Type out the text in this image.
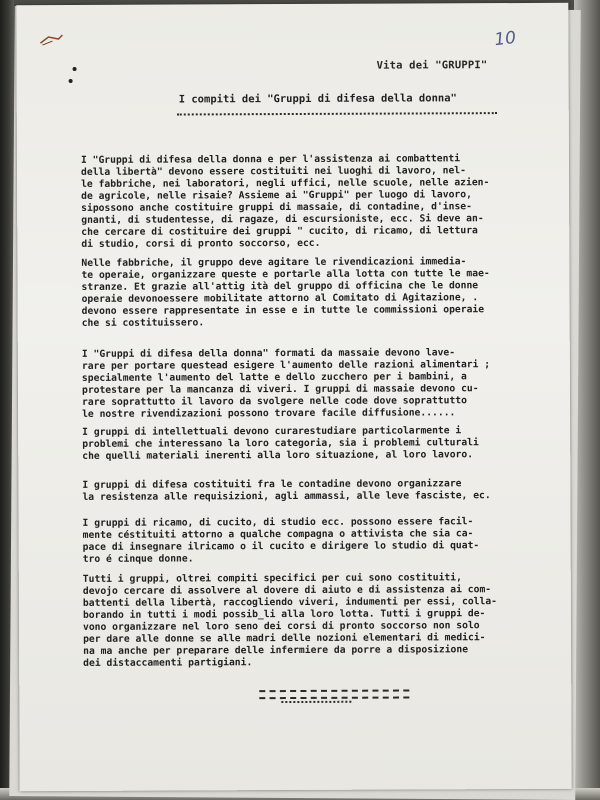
10
Vita dei "GRUPPI"
I compiti dei "Gruppi di difesa della donna"
I "Gruppi di difesa della donna e per l'assistenza ai combattenti
della libertà" devono essere costituiti nei luoghi di lavoro, nel-
le fabbriche, nei laboratori, negli uffici, nelle scuole, nelle azien-
de agricole, nelle risaie? Assieme ai "Gruppi" per luogo di lavoro,
sipossono anche costituire gruppi di massaie, di contadine, d'inse-
gnanti, di studentesse, di ragaze, di escursioniste, ecc. Si deve an-
che cercare di costituire dei gruppi " cucito, di ricamo, di lettura
di studio, corsi di pronto soccorso, ecc.
Nelle fabbriche, il gruppo deve agitare le rivendicazioni immedia-
te operaie, organizzare queste e portarle alla lotta con tutte le mae-
stranze. Et grazie all'attig ità del gruppo di officina che le donne
operaie devonoessere mobilitate attorno al Comitato di Agitazione, .
devono essere rappresentate in esse e in tutte le commissioni operaie
che si costituissero.
I "Gruppi di difesa della donna" formati da massaie devono lave-
rare per portare questead esigere l'aumento delle razioni alimentari ;
specialmente l'aumento del latte e dello zucchero per i bambini, a
protestare per la mancanza di viveri. I gruppi di massaie devono cu-
rare soprattutto il lavoro da svolgere nelle code dove soprattutto
le nostre rivendizazioni possono trovare facile diffusione......
I gruppi di intellettuali devono curarestudiare particolarmente i
problemi che interessano la loro categoria, sia i problemi culturali
che quelli materiali inerenti alla loro situazione, al loro lavoro.
I gruppi di difesa costituiti fra le contadine devono organizzare
la resistenza alle requisizioni, agli ammassi, alle leve fasciste, ec.
I gruppi di ricamo, di cucito, di studio ecc. possono essere facil-
mente céstituiti attorno a qualche compagna o attivista che sia ca-
pace di insegnare ilricamo o il cucito e dirigere lo studio di quat-
tro é cinque donne.
Tutti i gruppi, oltrei compiti specifici per cui sono costituiti,
devojo cercare di assolvere al dovere di aiuto e di assistenza ai com-
battenti della libertà, raccogliendo viveri, indumenti per essi, colla-
borando in tutti i modi possib_li alla loro lotta. Tutti i gruppi de-
vono organizzare nel loro seno dei corsi di pronto soccorso non solo
per dare alle donne se alle madri delle nozioni elementari di medici-
na ma anche per preparare delle infermiere da porre a disposizione
dei distaccamenti partigiani.
